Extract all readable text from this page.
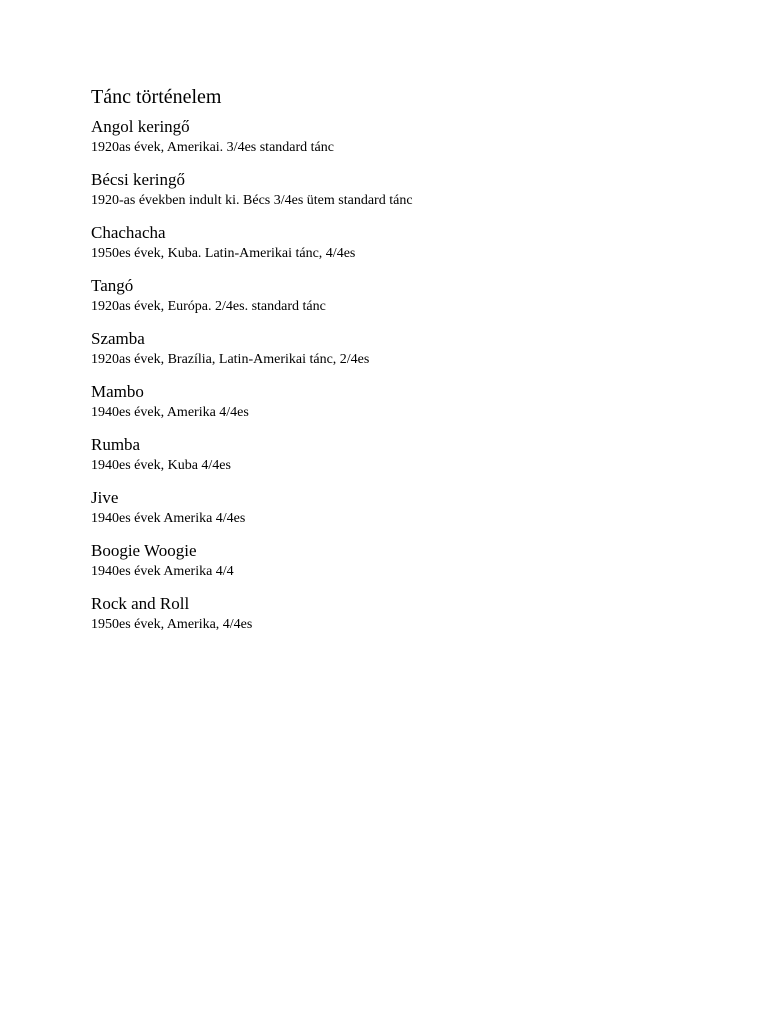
Tánc történelem
Angol keringő
1920as évek, Amerikai. 3/4es standard tánc
Bécsi keringő
1920-as években indult ki. Bécs 3/4es ütem standard tánc
Chachacha
1950es évek, Kuba. Latin-Amerikai tánc, 4/4es
Tangó
1920as évek, Európa. 2/4es. standard tánc
Szamba
1920as évek, Brazília, Latin-Amerikai tánc, 2/4es
Mambo
1940es évek, Amerika 4/4es
Rumba
1940es évek, Kuba 4/4es
Jive
1940es évek Amerika 4/4es
Boogie Woogie
1940es évek Amerika 4/4
Rock and Roll
1950es évek, Amerika, 4/4es
